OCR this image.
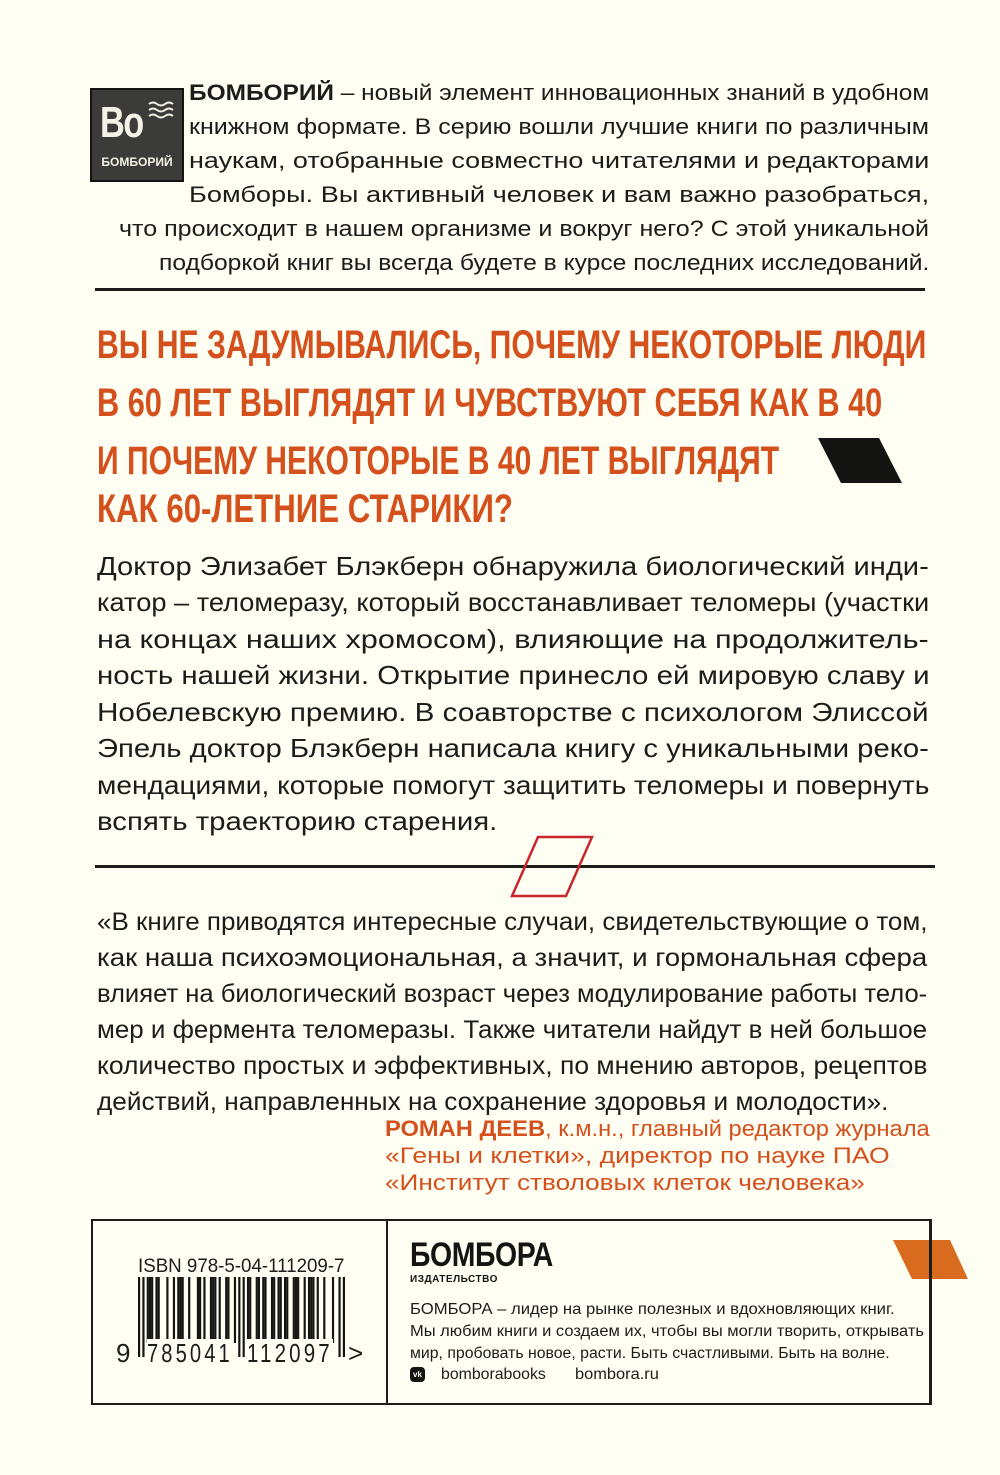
Bo
БОМБОРИЙ
БОМБОРИЙ – новый элемент инновационных знаний в удобном
книжном формате. В серию вошли лучшие книги по различным
наукам, отобранные совместно читателями и редакторами
Бомборы. Вы активный человек и вам важно разобраться,
что происходит в нашем организме и вокруг него? С этой уникальной
подборкой книг вы всегда будете в курсе последних исследований.
ВЫ НЕ ЗАДУМЫВАЛИСЬ, ПОЧЕМУ НЕКОТОРЫЕ ЛЮДИ
В 60 ЛЕТ ВЫГЛЯДЯТ И ЧУВСТВУЮТ СЕБЯ КАК В 40
И ПОЧЕМУ НЕКОТОРЫЕ В 40 ЛЕТ ВЫГЛЯДЯТ
КАК 60-ЛЕТНИЕ СТАРИКИ?
Доктор Элизабет Блэкберн обнаружила биологический инди-
катор – теломеразу, который восстанавливает теломеры (участки
на концах наших хромосом), влияющие на продолжитель-
ность нашей жизни. Открытие принесло ей мировую славу и
Нобелевскую премию. В соавторстве с психологом Элиссой
Эпель доктор Блэкберн написала книгу с уникальными реко-
мендациями, которые помогут защитить теломеры и повернуть
вспять траекторию старения.
«В книге приводятся интересные случаи, свидетельствующие о том,
как наша психоэмоциональная, а значит, и гормональная сфера
влияет на биологический возраст через модулирование работы тело-
мер и фермента теломеразы. Также читатели найдут в ней большое
количество простых и эффективных, по мнению авторов, рецептов
действий, направленных на сохранение здоровья и молодости».
РОМАН ДЕЕВ, к.м.н., главный редактор журнала
«Гены и клетки», директор по науке ПАО
«Институт стволовых клеток человека»
ISBN 978-5-04-111209-7
9 785041 112097 >
БОМБОРА
ИЗДАТЕЛЬСТВО
БОМБОРА – лидер на рынке полезных и вдохновляющих книг.
Мы любим книги и создаем их, чтобы вы могли творить, открывать
мир, пробовать новое, расти. Быть счастливыми. Быть на волне.
vk bomborabooks bombora.ru
